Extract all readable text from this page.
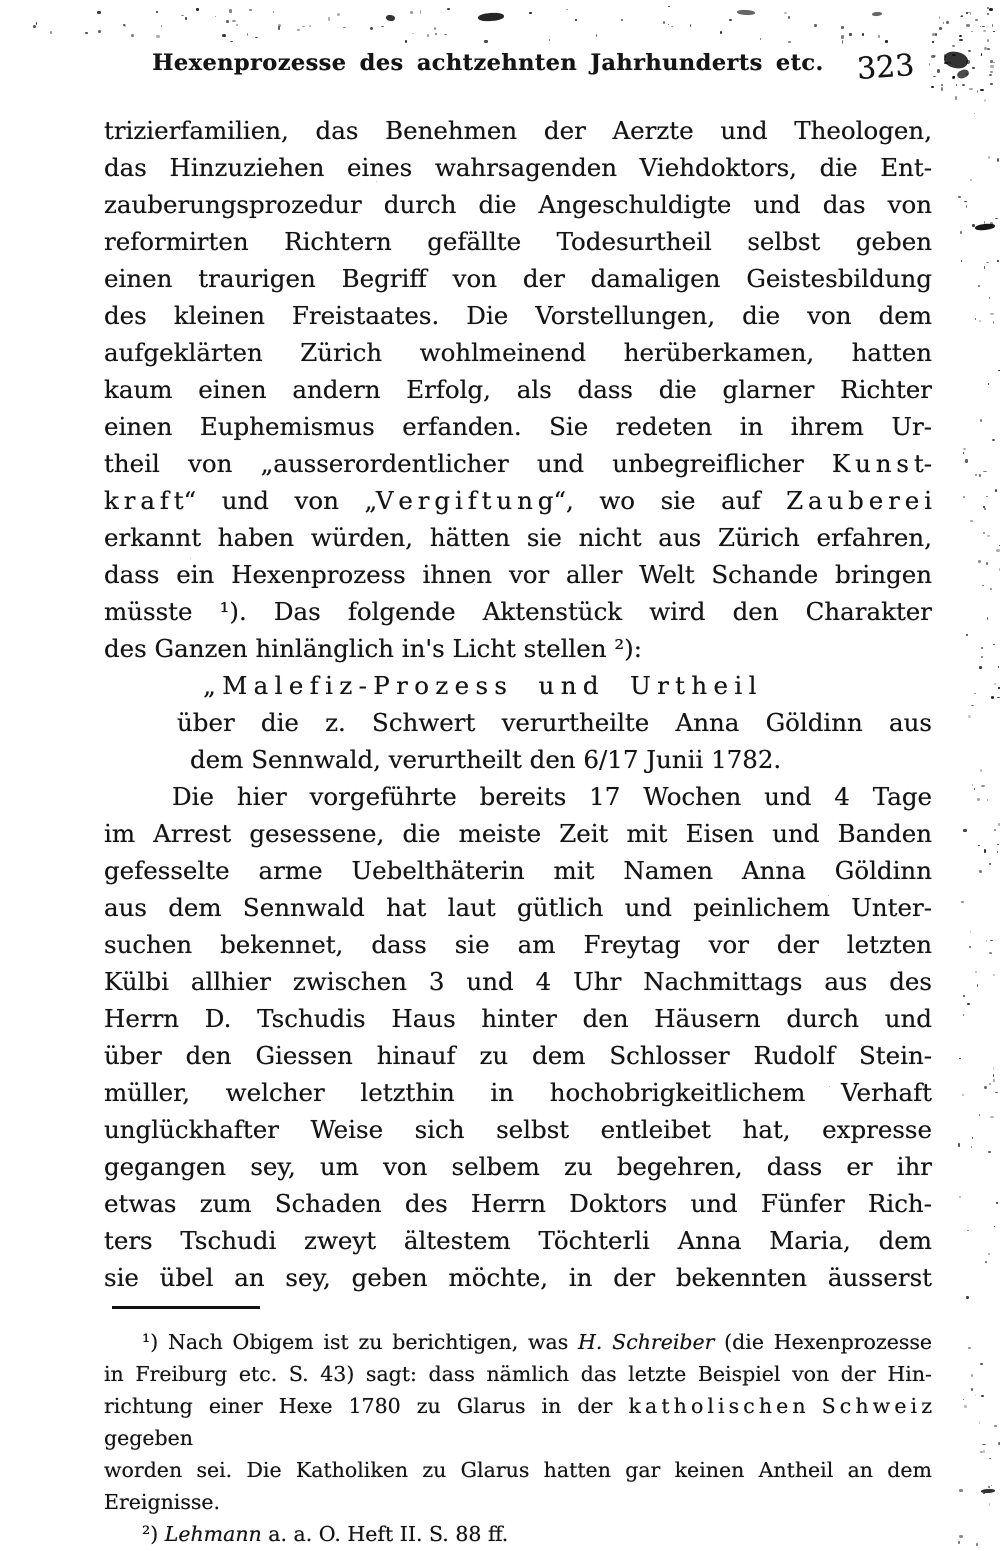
Hexenprozesse des achtzehnten Jahrhunderts etc.	323
trizierfamilien, das Benehmen der Aerzte und Theologen,
das Hinzuziehen eines wahrsagenden Viehdoktors, die Ent-
zauberungsprozedur durch die Angeschuldigte und das von
reformirten Richtern gefällte Todesurtheil selbst geben
einen traurigen Begriff von der damaligen Geistesbildung
des kleinen Freistaates. Die Vorstellungen, die von dem
aufgeklärten Zürich wohlmeinend herüberkamen, hatten
kaum einen andern Erfolg, als dass die glarner Richter
einen Euphemismus erfanden. Sie redeten in ihrem Ur-
theil von „ausserordentlicher und unbegreiflicher K u n s t-
k r a f t“ und von „V e r g i f t u n g“, wo sie auf Z a u b e r e i
erkannt haben würden, hätten sie nicht aus Zürich erfahren,
dass ein Hexenprozess ihnen vor aller Welt Schande bringen
müsste ¹). Das folgende Aktenstück wird den Charakter
des Ganzen hinlänglich in's Licht stellen ²):
„Malefiz-Prozess und Urtheil
über die z. Schwert verurtheilte Anna Göldinn aus
dem Sennwald, verurtheilt den 6/17 Junii 1782.
Die hier vorgeführte bereits 17 Wochen und 4 Tage
im Arrest gesessene, die meiste Zeit mit Eisen und Banden
gefesselte arme Uebelthäterin mit Namen Anna Göldinn
aus dem Sennwald hat laut gütlich und peinlichem Unter-
suchen bekennet, dass sie am Freytag vor der letzten
Külbi allhier zwischen 3 und 4 Uhr Nachmittags aus des
Herrn D. Tschudis Haus hinter den Häusern durch und
über den Giessen hinauf zu dem Schlosser Rudolf Stein-
müller, welcher letzthin in hochobrigkeitlichem Verhaft
unglückhafter Weise sich selbst entleibet hat, expresse
gegangen sey, um von selbem zu begehren, dass er ihr
etwas zum Schaden des Herrn Doktors und Fünfer Rich-
ters Tschudi zweyt ältestem Töchterli Anna Maria, dem
sie übel an sey, geben möchte, in der bekennten äusserst
¹) Nach Obigem ist zu berichtigen, was H. Schreiber (die Hexenprozesse
in Freiburg etc. S. 43) sagt: dass nämlich das letzte Beispiel von der Hin-
richtung einer Hexe 1780 zu Glarus in der k a t h o l i s c h e n S c h w e i z gegeben
worden sei. Die Katholiken zu Glarus hatten gar keinen Antheil an dem
Ereignisse.
²) Lehmann a. a. O. Heft II. S. 88 ff.
